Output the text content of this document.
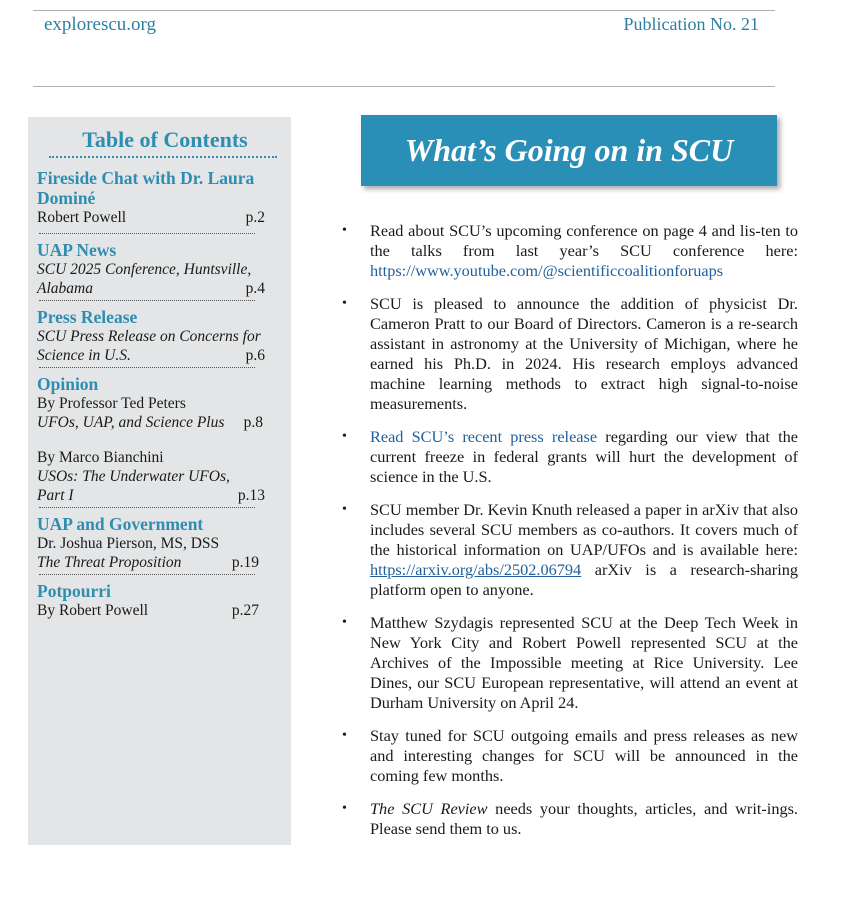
explorescu.org	Publication No. 21
Table of Contents
Fireside Chat with Dr. Laura Dominé
Robert Powell	p.2
UAP News
SCU 2025 Conference, Huntsville,
Alabama	p.4
Press Release
SCU Press Release on Concerns for
Science in U.S.	p.6
Opinion
By Professor Ted Peters
UFOs, UAP, and Science Plus p.8
By Marco Bianchini
USOs: The Underwater UFOs,
Part I	p.13
UAP and Government
Dr. Joshua Pierson, MS, DSS
The Threat Proposition	p.19
Potpourri
By Robert Powell	p.27
What’s Going on in SCU
• Read about SCU’s upcoming conference on page 4 and lis-ten to the talks from last year’s SCU conference here: https://www.youtube.com/@scientificcoalitionforuaps
• SCU is pleased to announce the addition of physicist Dr. Cameron Pratt to our Board of Directors. Cameron is a re-search assistant in astronomy at the University of Michigan, where he earned his Ph.D. in 2024. His research employs advanced machine learning methods to extract high signal-to-noise measurements.
• Read SCU’s recent press release regarding our view that the current freeze in federal grants will hurt the development of science in the U.S.
• SCU member Dr. Kevin Knuth released a paper in arXiv that also includes several SCU members as co-authors. It covers much of the historical information on UAP/UFOs and is available here: https://arxiv.org/abs/2502.06794 arXiv is a research-sharing platform open to anyone.
• Matthew Szydagis represented SCU at the Deep Tech Week in New York City and Robert Powell represented SCU at the Archives of the Impossible meeting at Rice University. Lee Dines, our SCU European representative, will attend an event at Durham University on April 24.
• Stay tuned for SCU outgoing emails and press releases as new and interesting changes for SCU will be announced in the coming few months.
• The SCU Review needs your thoughts, articles, and writ-ings. Please send them to us.
